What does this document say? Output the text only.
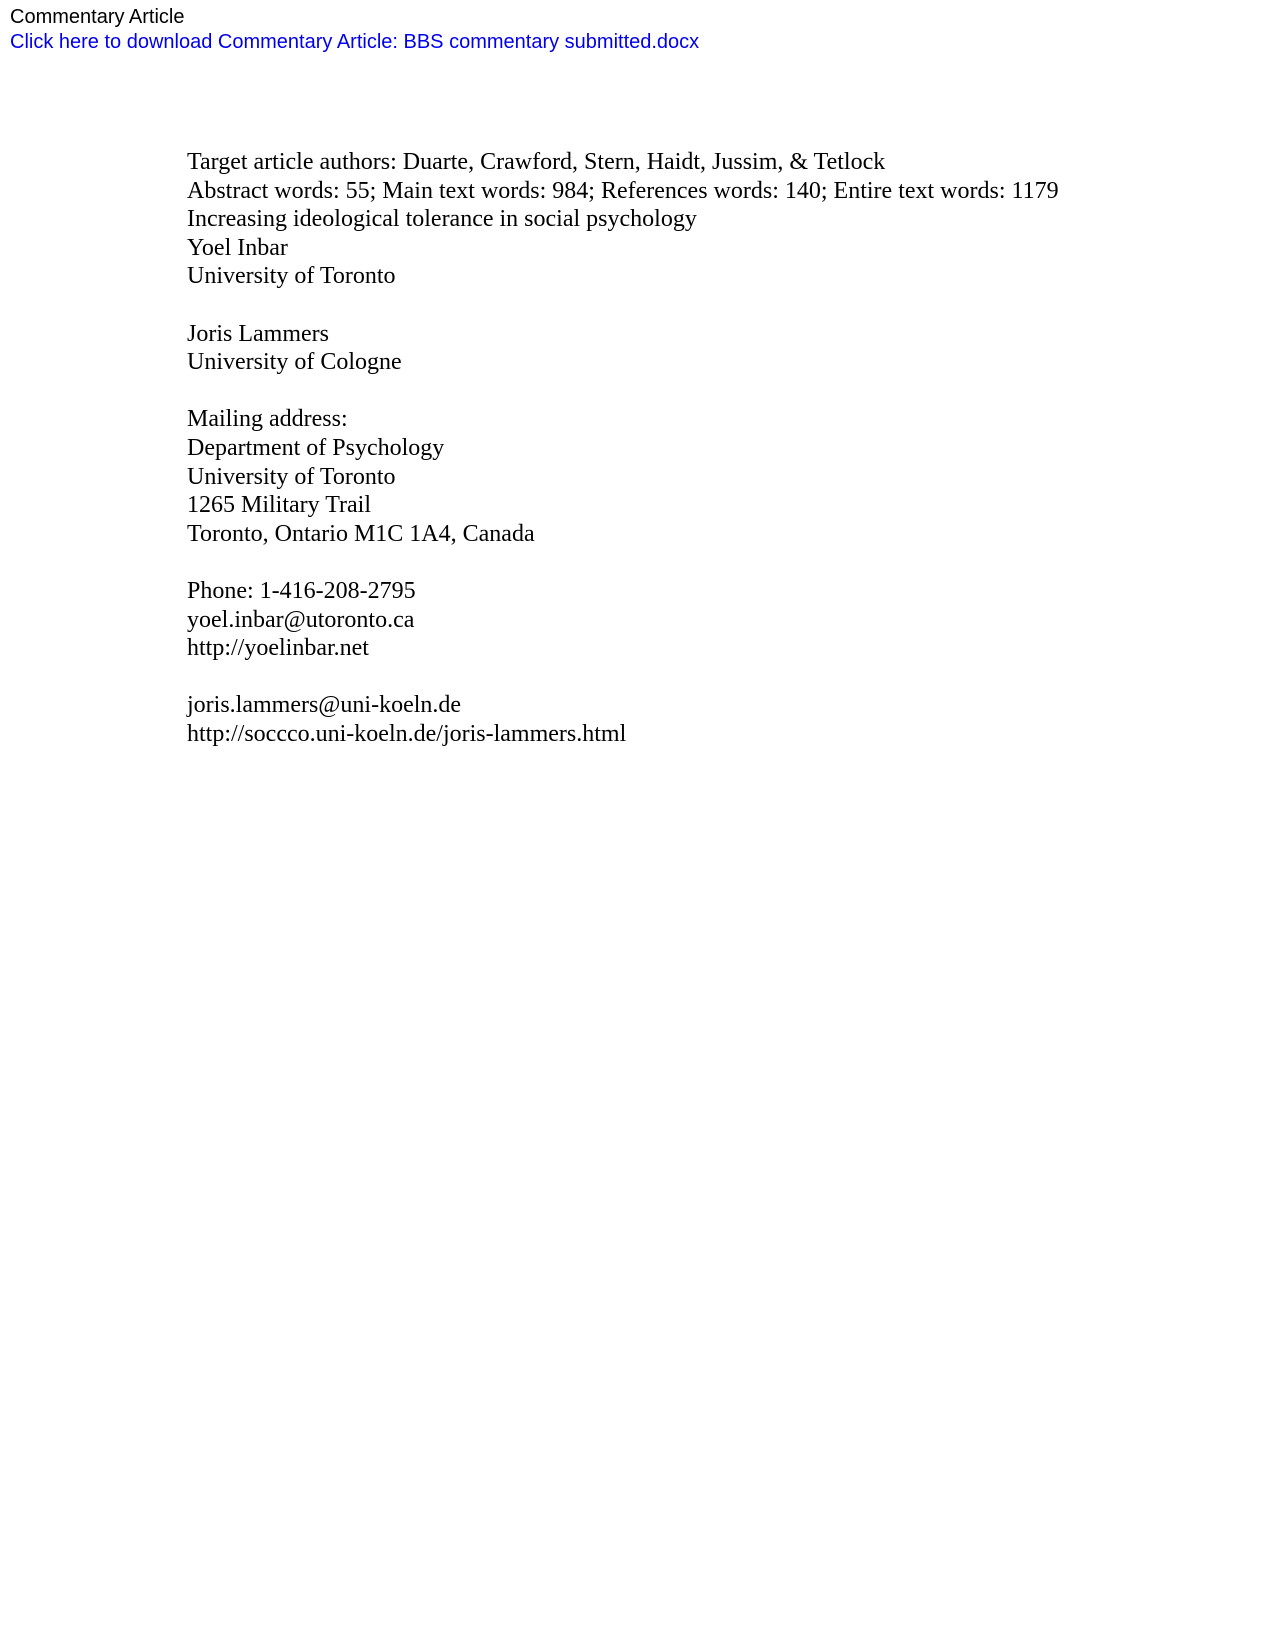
Commentary Article
Click here to download Commentary Article: BBS commentary submitted.docx

Target article authors: Duarte, Crawford, Stern, Haidt, Jussim, & Tetlock

Abstract words: 55; Main text words: 984; References words: 140; Entire text words: 1179

Increasing ideological tolerance in social psychology

Yoel Inbar
University of Toronto
Joris Lammers
University of Cologne
Mailing address:
Department of Psychology
University of Toronto
1265 Military Trail
Toronto, Ontario M1C 1A4, Canada

Phone: 1-416-208-2795

yoel.inbar@utoronto.ca
http://yoelinbar.net
joris.lammers@uni-koeln.de
http://soccco.uni-koeln.de/joris-lammers.html
